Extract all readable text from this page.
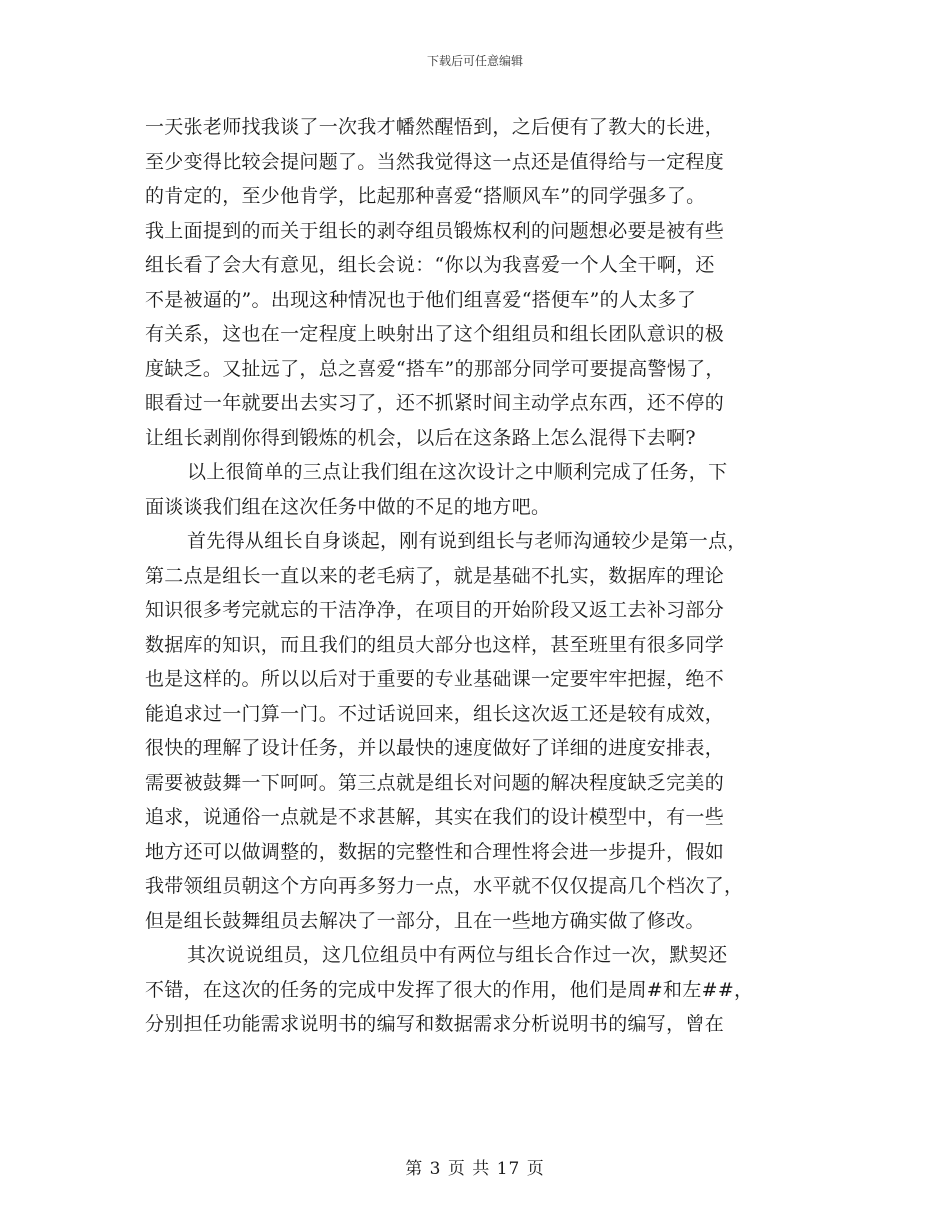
下载后可任意编辑
一天张老师找我谈了一次我才幡然醒悟到，之后便有了教大的长进，
至少变得比较会提问题了。当然我觉得这一点还是值得给与一定程度
的肯定的，至少他肯学，比起那种喜爱“搭顺风车”的同学强多了。
我上面提到的而关于组长的剥夺组员锻炼权利的问题想必要是被有些
组长看了会大有意见，组长会说：“你以为我喜爱一个人全干啊，还
不是被逼的”。出现这种情况也于他们组喜爱“搭便车”的人太多了
有关系，这也在一定程度上映射出了这个组组员和组长团队意识的极
度缺乏。又扯远了，总之喜爱“搭车”的那部分同学可要提高警惕了，
眼看过一年就要出去实习了，还不抓紧时间主动学点东西，还不停的
让组长剥削你得到锻炼的机会，以后在这条路上怎么混得下去啊?
以上很简单的三点让我们组在这次设计之中顺利完成了任务，下
面谈谈我们组在这次任务中做的不足的地方吧。
首先得从组长自身谈起，刚有说到组长与老师沟通较少是第一点，
第二点是组长一直以来的老毛病了，就是基础不扎实，数据库的理论
知识很多考完就忘的干洁净净，在项目的开始阶段又返工去补习部分
数据库的知识，而且我们的组员大部分也这样，甚至班里有很多同学
也是这样的。所以以后对于重要的专业基础课一定要牢牢把握，绝不
能追求过一门算一门。不过话说回来，组长这次返工还是较有成效，
很快的理解了设计任务，并以最快的速度做好了详细的进度安排表，
需要被鼓舞一下呵呵。第三点就是组长对问题的解决程度缺乏完美的
追求，说通俗一点就是不求甚解，其实在我们的设计模型中，有一些
地方还可以做调整的，数据的完整性和合理性将会进一步提升，假如
我带领组员朝这个方向再多努力一点，水平就不仅仅提高几个档次了，
但是组长鼓舞组员去解决了一部分，且在一些地方确实做了修改。
其次说说组员，这几位组员中有两位与组长合作过一次，默契还
不错，在这次的任务的完成中发挥了很大的作用，他们是周#和左##，
分别担任功能需求说明书的编写和数据需求分析说明书的编写，曾在
第 3 页 共 17 页
